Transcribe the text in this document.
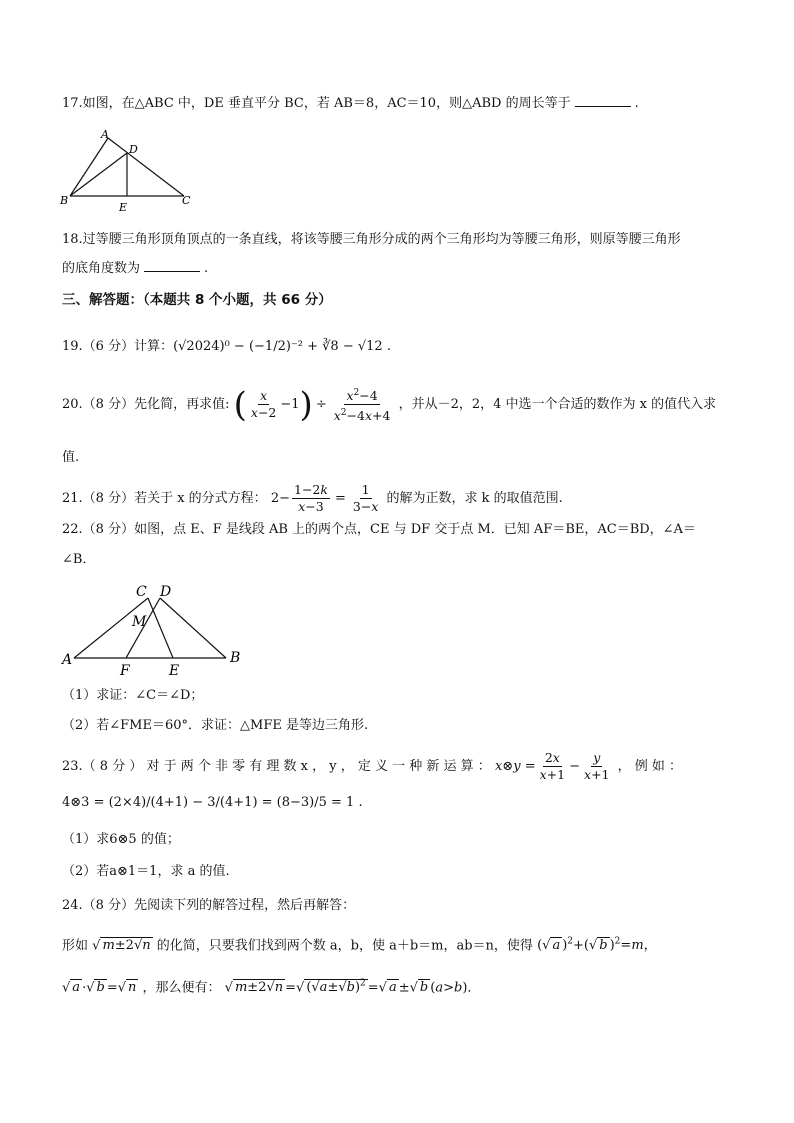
17.如图，在△ABC 中，DE 垂直平分 BC，若 AB＝8，AC＝10，则△ABD 的周长等于	.
A
D
B	C
E
18.过等腰三角形顶角顶点的一条直线，将该等腰三角形分成的两个三角形均为等腰三角形，则原等腰三角形
的底角度数为	.
三、解答题：（本题共 8 个小题，共 66 分）
19.（6 分）计算：(√2024)⁰ − (−1/2)⁻² + ∛8 − √12 .
20.（8 分）先化简，再求值: ( $\frac{x}{x-2} -1$ ) ÷ $\frac{x^2-4}{x^2-4x+4}$ ，并从－2，2，4 中选一个合适的数作为 x 的值代入求
值.
21.（8 分）若关于 x 的分式方程： $2- \frac{1-2k}{x-3} = \frac{1}{3-x}$ 的解为正数，求 k 的取值范围.
22.（8 分）如图，点 E、F 是线段 AB 上的两个点，CE 与 DF 交于点 M．已知 AF＝BE，AC＝BD，∠A＝
∠B．
C D
M
A
F	E
B
（1）求证：∠C＝∠D；
（2）若∠FME＝60°．求证：△MFE 是等边三角形.
23.（ 8 分 ） 对 于 两 个 非 零 有 理 数 x ， y ， 定 义 一 种 新 运 算 ： x ⊗ $y = \frac{2x}{x+1} - \frac{y}{x+1}$ ， 例 如 ：
4⊗3 = (2×4)/(4+1) − 3/(4+1) = (8−3)/5 = 1 .
（1）求6⊗5 的值；
（2）若a⊗1＝1，求 a 的值.
24.（8 分）先阅读下列的解答过程，然后再解答：
形如 √ m±2√n 的化简，只要我们找到两个数 a，b，使 a＋b＝m，ab＝n，使得 (√ a )$^2$+(√ b )$^2$=m，
√ a ·√ b =√ n ，那么便有： √ m±2√n =√ $(√a\pm√b)^2$ =√ a ±√ b (a>b)．
